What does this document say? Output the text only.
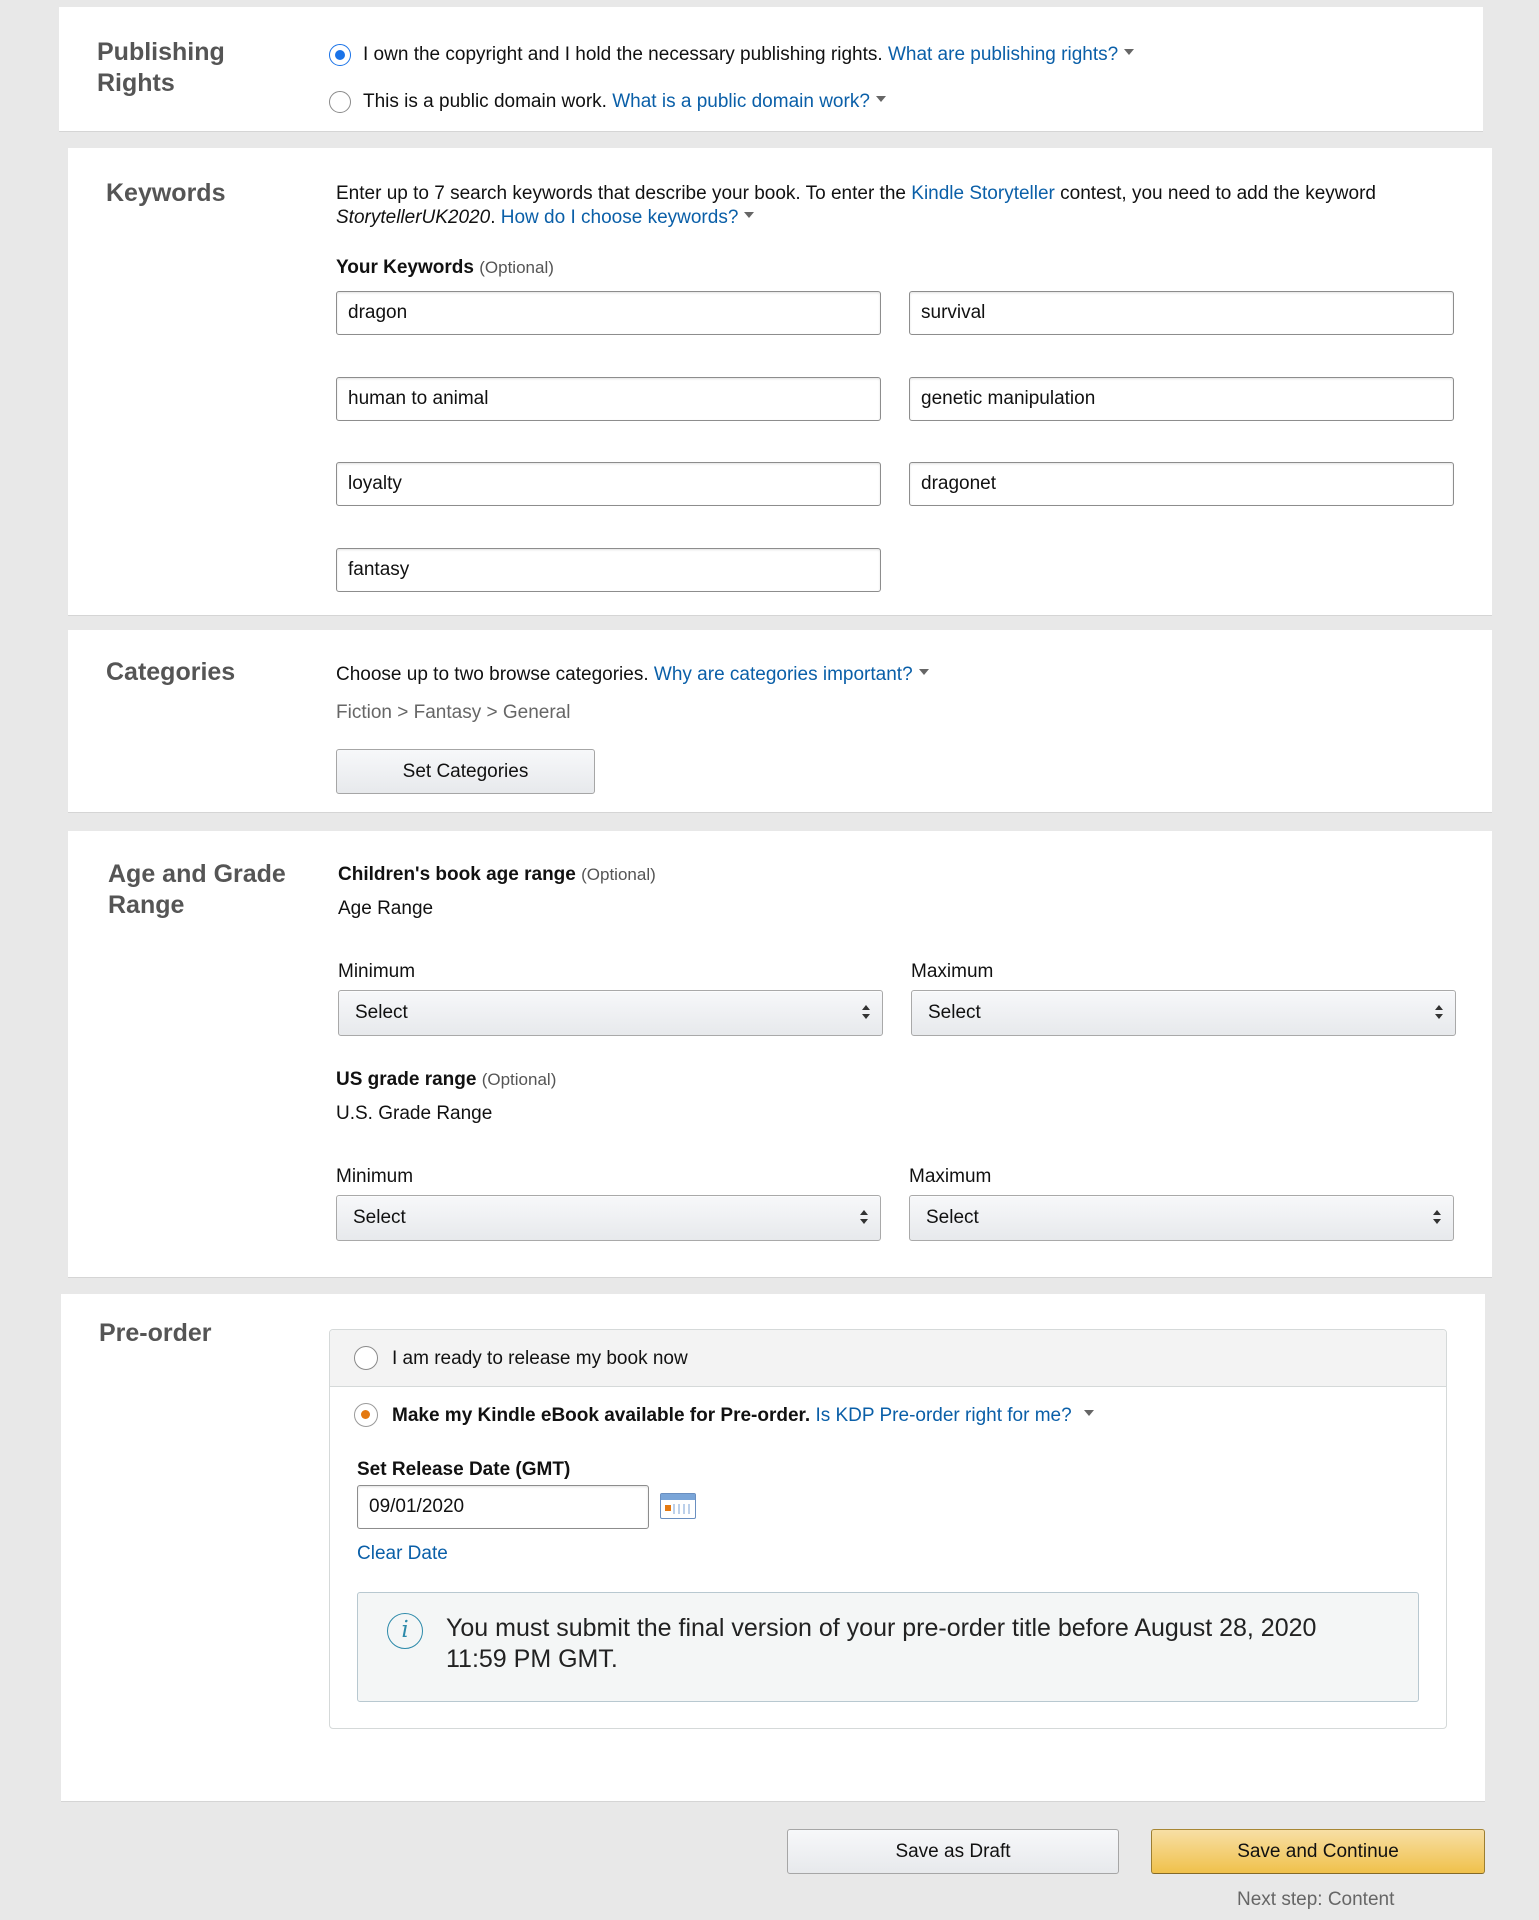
Publishing
Rights
I own the copyright and I hold the necessary publishing rights. What are publishing rights?
This is a public domain work. What is a public domain work?
Keywords	Enter up to 7 search keywords that describe your book. To enter the Kindle Storyteller contest, you need to add the keyword
StorytellerUK2020. How do I choose keywords?
Your Keywords (Optional)
dragon
survival
human to animal
genetic manipulation
loyalty
dragonet
fantasy
Categories	Choose up to two browse categories. Why are categories important?
Fiction > Fantasy > General
Set Categories
Age and Grade
Range
Children's book age range (Optional)
Age Range
Minimum	Maximum
Select	Select
US grade range (Optional)
U.S. Grade Range
Minimum	Maximum
Select	Select
Pre-order
I am ready to release my book now
Make my Kindle eBook available for Pre-order. Is KDP Pre-order right for me?
Set Release Date (GMT)
09/01/2020
Clear Date
i	You must submit the final version of your pre-order title before August 28, 2020
11:59 PM GMT.
Save as Draft	Save and Continue
Next step: Content
